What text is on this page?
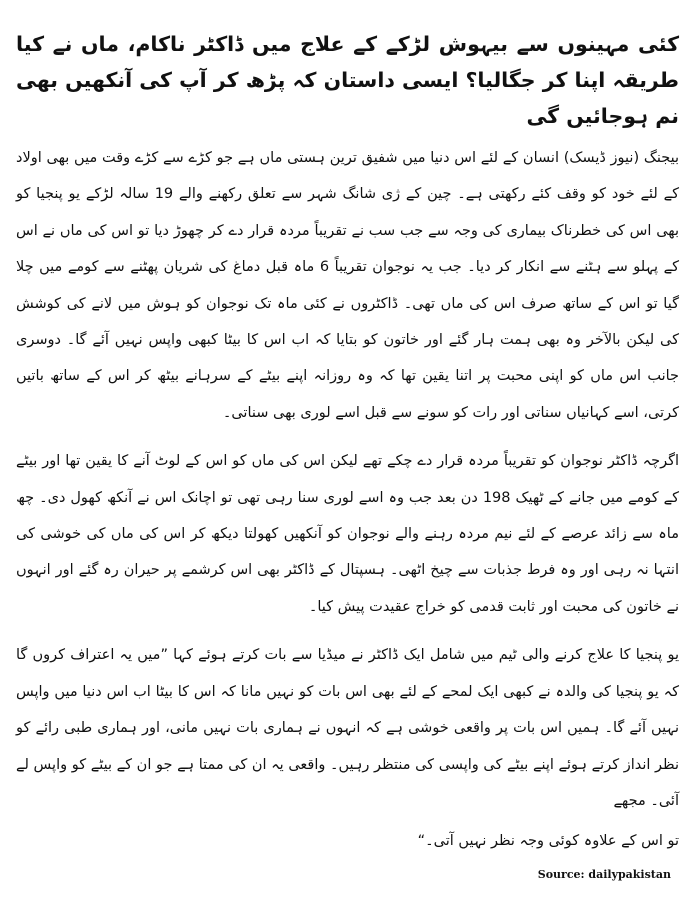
کئی مہینوں سے بیہوش لڑکے کے علاج میں ڈاکٹر ناکام، ماں نے کیا طریقہ اپنا کر جگالیا؟ ایسی داستان کہ پڑھ کر آپ کی آنکھیں بھی نم ہوجائیں گی

بیجنگ (نیوز ڈیسک) انسان کے لئے اس دنیا میں شفیق ترین ہستی ماں ہے جو کڑے سے کڑے وقت میں بھی اولاد کے لئے خود کو وقف کئے رکھتی ہے۔ چین کے ژی شانگ شہر سے تعلق رکھنے والے 19 سالہ لڑکے یو پنجیا کو بھی اس کی خطرناک بیماری کی وجہ سے جب سب نے تقریباً مردہ قرار دے کر چھوڑ دیا تو اس کی ماں نے اس کے پہلو سے ہٹنے سے انکار کر دیا۔ جب یہ نوجوان تقریباً 6 ماہ قبل دماغ کی شریان پھٹنے سے کومے میں چلا گیا تو اس کے ساتھ صرف اس کی ماں تھی۔ ڈاکٹروں نے کئی ماہ تک نوجوان کو ہوش میں لانے کی کوشش کی لیکن بالآخر وہ بھی ہمت ہار گئے اور خاتون کو بتایا کہ اب اس کا بیٹا کبھی واپس نہیں آئے گا۔ دوسری جانب اس ماں کو اپنی محبت پر اتنا یقین تھا کہ وہ روزانہ اپنے بیٹے کے سرہانے بیٹھ کر اس کے ساتھ باتیں کرتی، اسے کہانیاں سناتی اور رات کو سونے سے قبل اسے لوری بھی سناتی۔

اگرچہ ڈاکٹر نوجوان کو تقریباً مردہ قرار دے چکے تھے لیکن اس کی ماں کو اس کے لوٹ آنے کا یقین تھا اور بیٹے کے کومے میں جانے کے ٹھیک 198 دن بعد جب وہ اسے لوری سنا رہی تھی تو اچانک اس نے آنکھ کھول دی۔ چھ ماہ سے زائد عرصے کے لئے نیم مردہ رہنے والے نوجوان کو آنکھیں کھولتا دیکھ کر اس کی ماں کی خوشی کی انتہا نہ رہی اور وہ فرط جذبات سے چیخ اٹھی۔ ہسپتال کے ڈاکٹر بھی اس کرشمے پر حیران رہ گئے اور انہوں نے خاتون کی محبت اور ثابت قدمی کو خراج عقیدت پیش کیا۔

یو پنجیا کا علاج کرنے والی ٹیم میں شامل ایک ڈاکٹر نے میڈیا سے بات کرتے ہوئے کہا ”میں یہ اعتراف کروں گا کہ یو پنجیا کی والدہ نے کبھی ایک لمحے کے لئے بھی اس بات کو نہیں مانا کہ اس کا بیٹا اب اس دنیا میں واپس نہیں آئے گا۔ ہمیں اس بات پر واقعی خوشی ہے کہ انہوں نے ہماری بات نہیں مانی، اور ہماری طبی رائے کو نظر انداز کرتے ہوئے اپنے بیٹے کی واپسی کی منتظر رہیں۔ واقعی یہ ان کی ممتا ہے جو ان کے بیٹے کو واپس لے آئی۔ مجھے

تو اس کے علاوہ کوئی وجہ نظر نہیں آتی۔“

Source: dailypakistan
